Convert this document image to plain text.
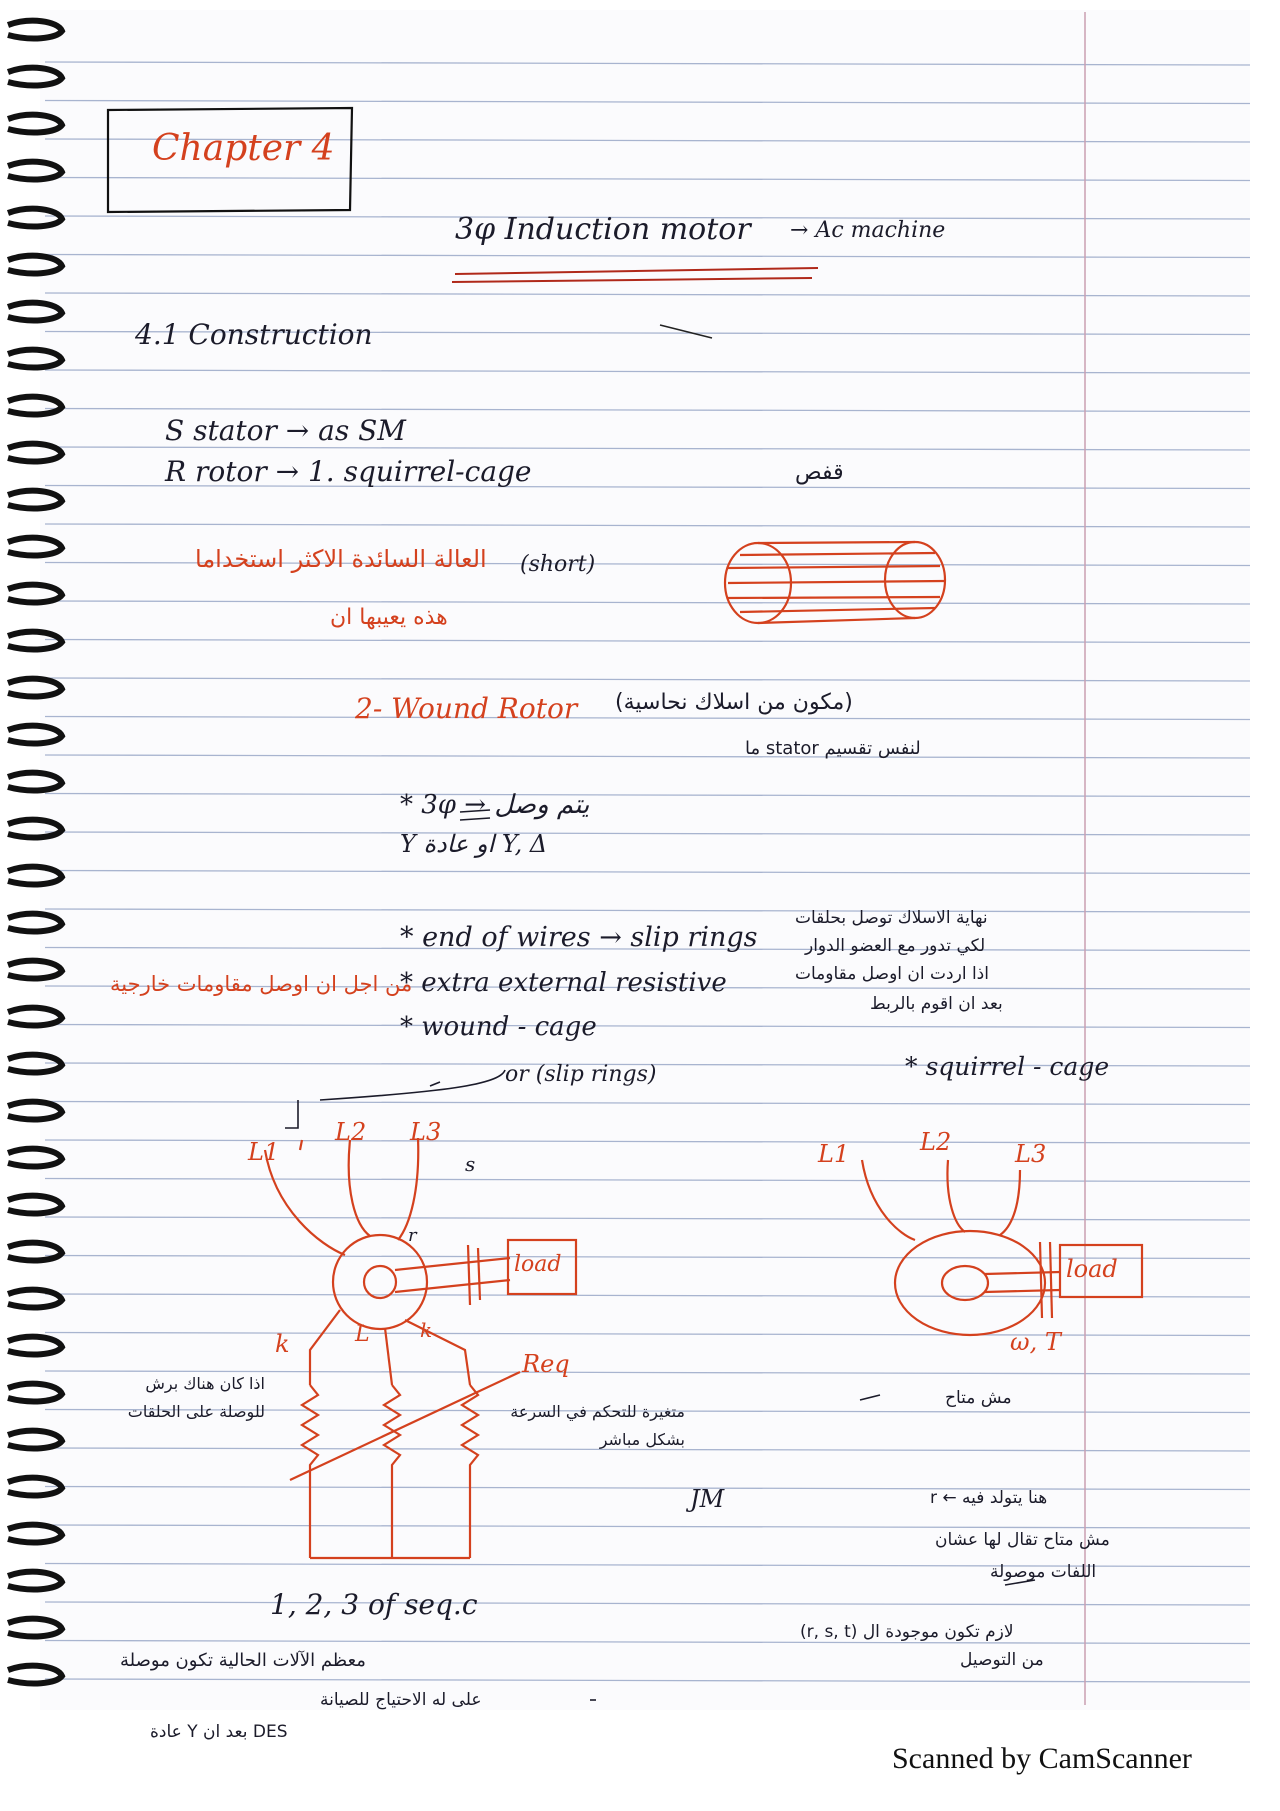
Chapter 4
3φ Induction motor → Ac machine
4.1 Construction
S stator → as SM
R rotor → 1. squirrel-cage	قفص
العالة السائدة الاكثر استخداما (short)
هذه يعيبها ان
2- Wound Rotor (مكون من اسلاك نحاسية)
لنفس تقسيم stator ما
* 3φ → يتم وصل
Y او عادة Y, Δ
* end of wires → slip rings
* extra external resistive
من اجل ان اوصل مقاومات خارجية
* wound - cage
or (slip rings)
نهاية الاسلاك توصل بحلقات
لكي تدور مع العضو الدوار
اذا اردت ان اوصل مقاومات
بعد ان اقوم بالربط
* squirrel - cage
L1
L2 L3
s
r
load
k	L	k
Req
اذا كان هناك برش للوصلة على الحلقات	متغيرة للتحكم في السرعة بشكل مباشر
JM
L1	L2	L3
load
ω, T
مش متاح
هنا يتولد فيه ← r
مش متاح تقال لها عشان
اللفات موصولة
لازم تكون موجودة ال (r, s, t)
من التوصيل
1, 2, 3 of seq.c
معظم الآلات الحالية تكون موصلة
على له الاحتياج للصيانة
DES بعد ان Y عادة
Scanned by CamScanner
